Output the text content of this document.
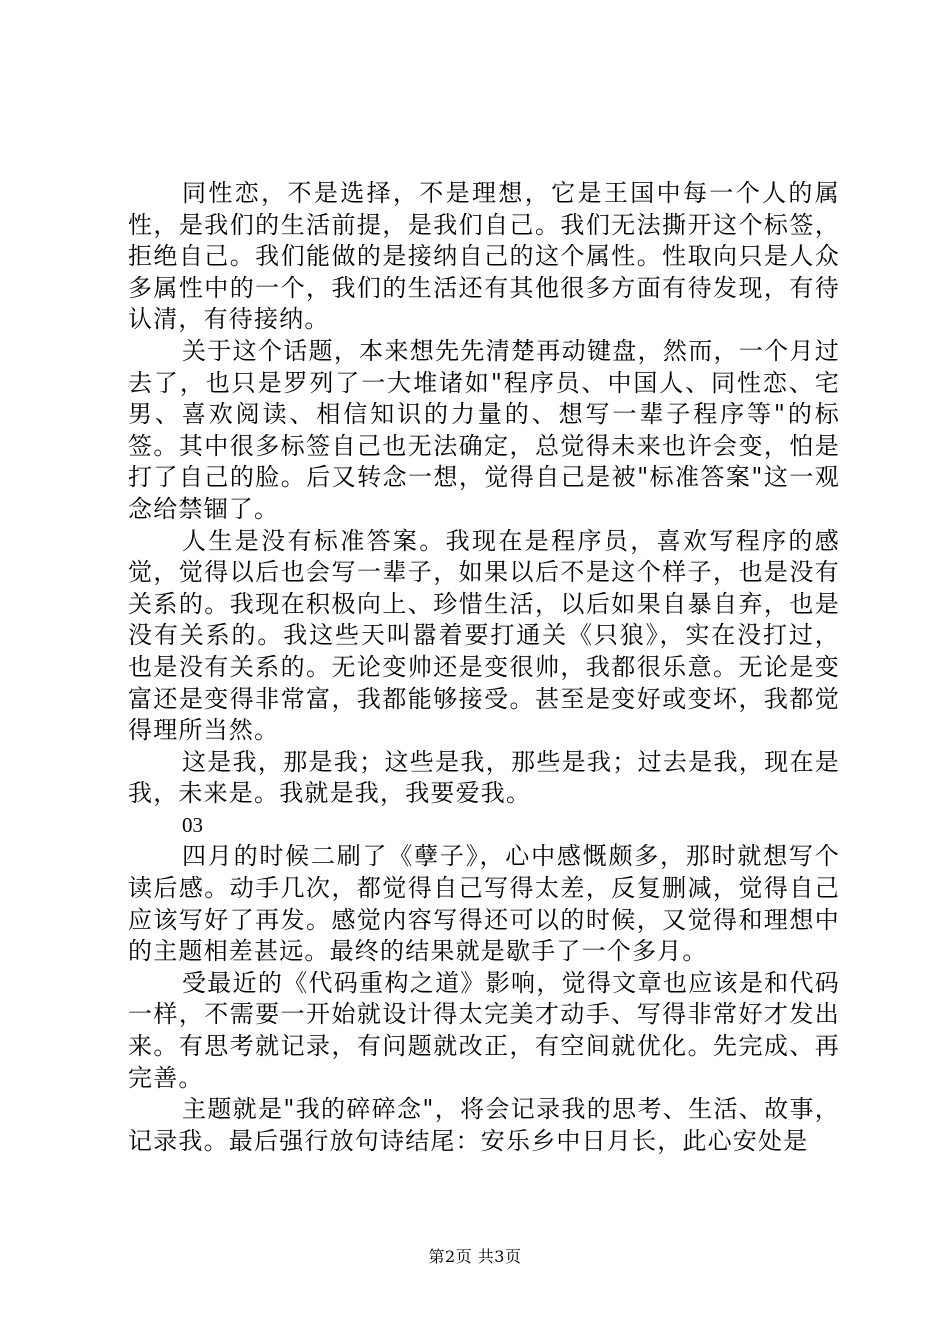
同性恋，不是选择，不是理想，它是王国中每一个人的属性，是我们的生活前提，是我们自己。我们无法撕开这个标签，拒绝自己。我们能做的是接纳自己的这个属性。性取向只是人众多属性中的一个，我们的生活还有其他很多方面有待发现，有待认清，有待接纳。

关于这个话题，本来想先先清楚再动键盘，然而，一个月过去了，也只是罗列了一大堆诸如"程序员、中国人、同性恋、宅男、喜欢阅读、相信知识的力量的、想写一辈子程序等"的标签。其中很多标签自己也无法确定，总觉得未来也许会变，怕是打了自己的脸。后又转念一想，觉得自己是被"标准答案"这一观念给禁锢了。

人生是没有标准答案。我现在是程序员，喜欢写程序的感觉，觉得以后也会写一辈子，如果以后不是这个样子，也是没有关系的。我现在积极向上、珍惜生活，以后如果自暴自弃，也是没有关系的。我这些天叫嚣着要打通关《只狼》，实在没打过，也是没有关系的。无论变帅还是变很帅，我都很乐意。无论是变富还是变得非常富，我都能够接受。甚至是变好或变坏，我都觉得理所当然。

这是我，那是我；这些是我，那些是我；过去是我，现在是我，未来是。我就是我，我要爱我。

03

四月的时候二刷了《孽子》，心中感慨颇多，那时就想写个读后感。动手几次，都觉得自己写得太差，反复删减，觉得自己应该写好了再发。感觉内容写得还可以的时候，又觉得和理想中的主题相差甚远。最终的结果就是歇手了一个多月。

受最近的《代码重构之道》影响，觉得文章也应该是和代码一样，不需要一开始就设计得太完美才动手、写得非常好才发出来。有思考就记录，有问题就改正，有空间就优化。先完成、再完善。

主题就是"我的碎碎念"，将会记录我的思考、生活、故事，记录我。最后强行放句诗结尾：安乐乡中日月长，此心安处是

第2页 共3页
